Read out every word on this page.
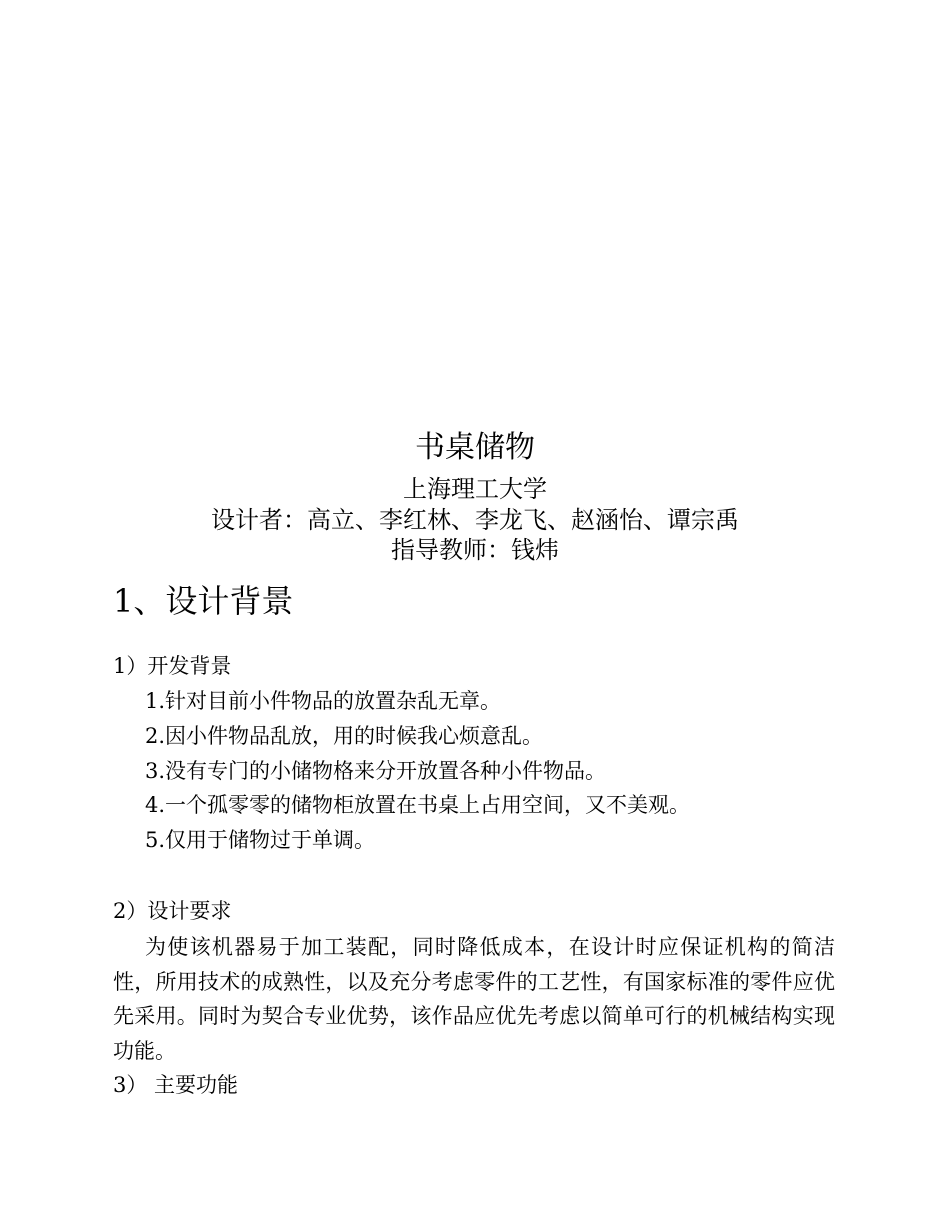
书桌储物
上海理工大学
设计者：高立、李红林、李龙飞、赵涵怡、谭宗禹
指导教师：钱炜
1、设计背景
1）开发背景
1.针对目前小件物品的放置杂乱无章。
2.因小件物品乱放，用的时候我心烦意乱。
3.没有专门的小储物格来分开放置各种小件物品。
4.一个孤零零的储物柜放置在书桌上占用空间，又不美观。
5.仅用于储物过于单调。
2）设计要求
为使该机器易于加工装配，同时降低成本，在设计时应保证机构的简洁性，所用技术的成熟性，以及充分考虑零件的工艺性，有国家标准的零件应优先采用。同时为契合专业优势，该作品应优先考虑以简单可行的机械结构实现功能。
3） 主要功能
